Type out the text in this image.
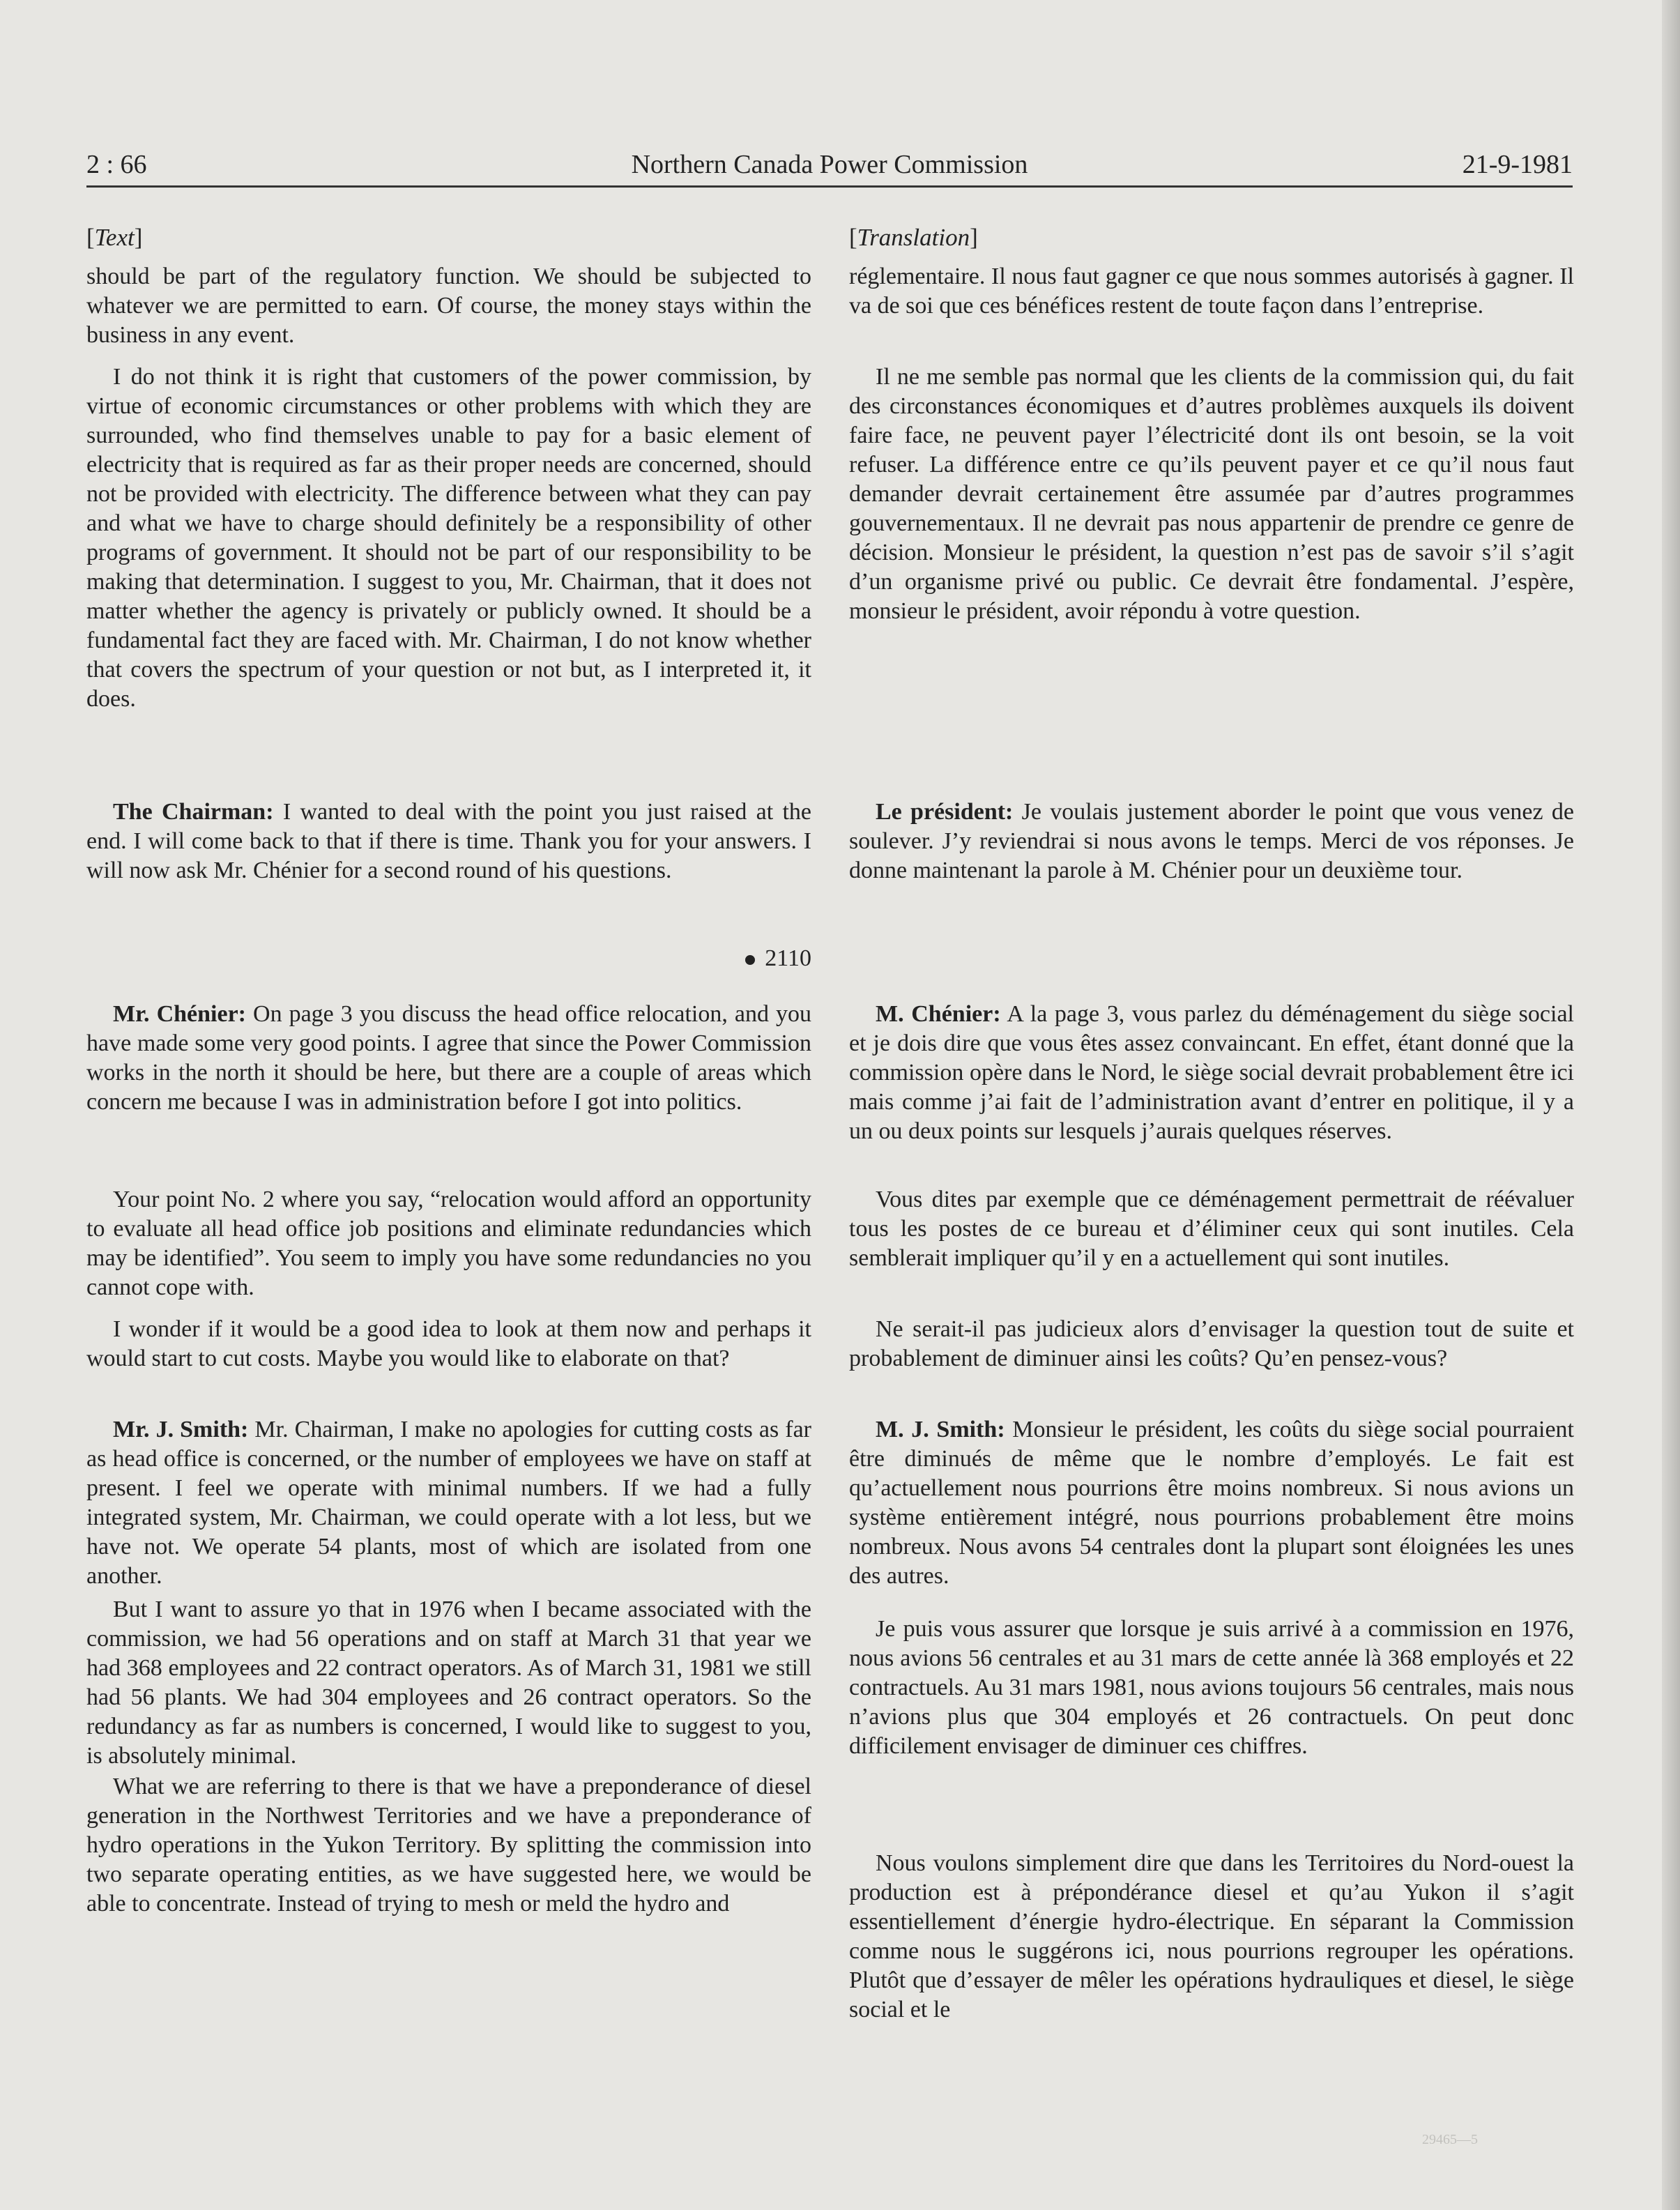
2 : 66	Northern Canada Power Commission	21-9-1981
[Text]
should be part of the regulatory function. We should be subjected to whatever we are permitted to earn. Of course, the money stays within the business in any event.
I do not think it is right that customers of the power commission, by virtue of economic circumstances or other problems with which they are surrounded, who find themselves unable to pay for a basic element of electricity that is required as far as their proper needs are concerned, should not be provided with electricity. The difference between what they can pay and what we have to charge should definitely be a responsibility of other programs of government. It should not be part of our responsibility to be making that determination. I suggest to you, Mr. Chairman, that it does not matter whether the agency is privately or publicly owned. It should be a fundamental fact they are faced with. Mr. Chairman, I do not know whether that covers the spectrum of your question or not but, as I interpreted it, it does.
The Chairman: I wanted to deal with the point you just raised at the end. I will come back to that if there is time. Thank you for your answers. I will now ask Mr. Chénier for a second round of his questions.
2110
Mr. Chénier: On page 3 you discuss the head office relocation, and you have made some very good points. I agree that since the Power Commission works in the north it should be here, but there are a couple of areas which concern me because I was in administration before I got into politics.
Your point No. 2 where you say, “relocation would afford an opportunity to evaluate all head office job positions and eliminate redundancies which may be identified”. You seem to imply you have some redundancies no you cannot cope with.
I wonder if it would be a good idea to look at them now and perhaps it would start to cut costs. Maybe you would like to elaborate on that?
Mr. J. Smith: Mr. Chairman, I make no apologies for cutting costs as far as head office is concerned, or the number of employees we have on staff at present. I feel we operate with minimal numbers. If we had a fully integrated system, Mr. Chairman, we could operate with a lot less, but we have not. We operate 54 plants, most of which are isolated from one another.
But I want to assure yo that in 1976 when I became associated with the commission, we had 56 operations and on staff at March 31 that year we had 368 employees and 22 contract operators. As of March 31, 1981 we still had 56 plants. We had 304 employees and 26 contract operators. So the redundancy as far as numbers is concerned, I would like to suggest to you, is absolutely minimal.
What we are referring to there is that we have a preponderance of diesel generation in the Northwest Territories and we have a preponderance of hydro operations in the Yukon Territory. By splitting the commission into two separate operating entities, as we have suggested here, we would be able to concentrate. Instead of trying to mesh or meld the hydro and
[Translation]
réglementaire. Il nous faut gagner ce que nous sommes autorisés à gagner. Il va de soi que ces bénéfices restent de toute façon dans l’entreprise.
Il ne me semble pas normal que les clients de la commission qui, du fait des circonstances économiques et d’autres problèmes auxquels ils doivent faire face, ne peuvent payer l’électricité dont ils ont besoin, se la voit refuser. La différence entre ce qu’ils peuvent payer et ce qu’il nous faut demander devrait certainement être assumée par d’autres programmes gouvernementaux. Il ne devrait pas nous appartenir de prendre ce genre de décision. Monsieur le président, la question n’est pas de savoir s’il s’agit d’un organisme privé ou public. Ce devrait être fondamental. J’espère, monsieur le président, avoir répondu à votre question.
Le président: Je voulais justement aborder le point que vous venez de soulever. J’y reviendrai si nous avons le temps. Merci de vos réponses. Je donne maintenant la parole à M. Chénier pour un deuxième tour.
M. Chénier: A la page 3, vous parlez du déménagement du siège social et je dois dire que vous êtes assez convaincant. En effet, étant donné que la commission opère dans le Nord, le siège social devrait probablement être ici mais comme j’ai fait de l’administration avant d’entrer en politique, il y a un ou deux points sur lesquels j’aurais quelques réserves.
Vous dites par exemple que ce déménagement permettrait de réévaluer tous les postes de ce bureau et d’éliminer ceux qui sont inutiles. Cela semblerait impliquer qu’il y en a actuellement qui sont inutiles.
Ne serait-il pas judicieux alors d’envisager la question tout de suite et probablement de diminuer ainsi les coûts? Qu’en pensez-vous?
M. J. Smith: Monsieur le président, les coûts du siège social pourraient être diminués de même que le nombre d’employés. Le fait est qu’actuellement nous pourrions être moins nombreux. Si nous avions un système entièrement intégré, nous pourrions probablement être moins nombreux. Nous avons 54 centrales dont la plupart sont éloignées les unes des autres.
Je puis vous assurer que lorsque je suis arrivé à a commission en 1976, nous avions 56 centrales et au 31 mars de cette année là 368 employés et 22 contractuels. Au 31 mars 1981, nous avions toujours 56 centrales, mais nous n’avions plus que 304 employés et 26 contractuels. On peut donc difficilement envisager de diminuer ces chiffres.
Nous voulons simplement dire que dans les Territoires du Nord-ouest la production est à prépondérance diesel et qu’au Yukon il s’agit essentiellement d’énergie hydro-électrique. En séparant la Commission comme nous le suggérons ici, nous pourrions regrouper les opérations. Plutôt que d’essayer de mêler les opérations hydrauliques et diesel, le siège social et le
29465—5
